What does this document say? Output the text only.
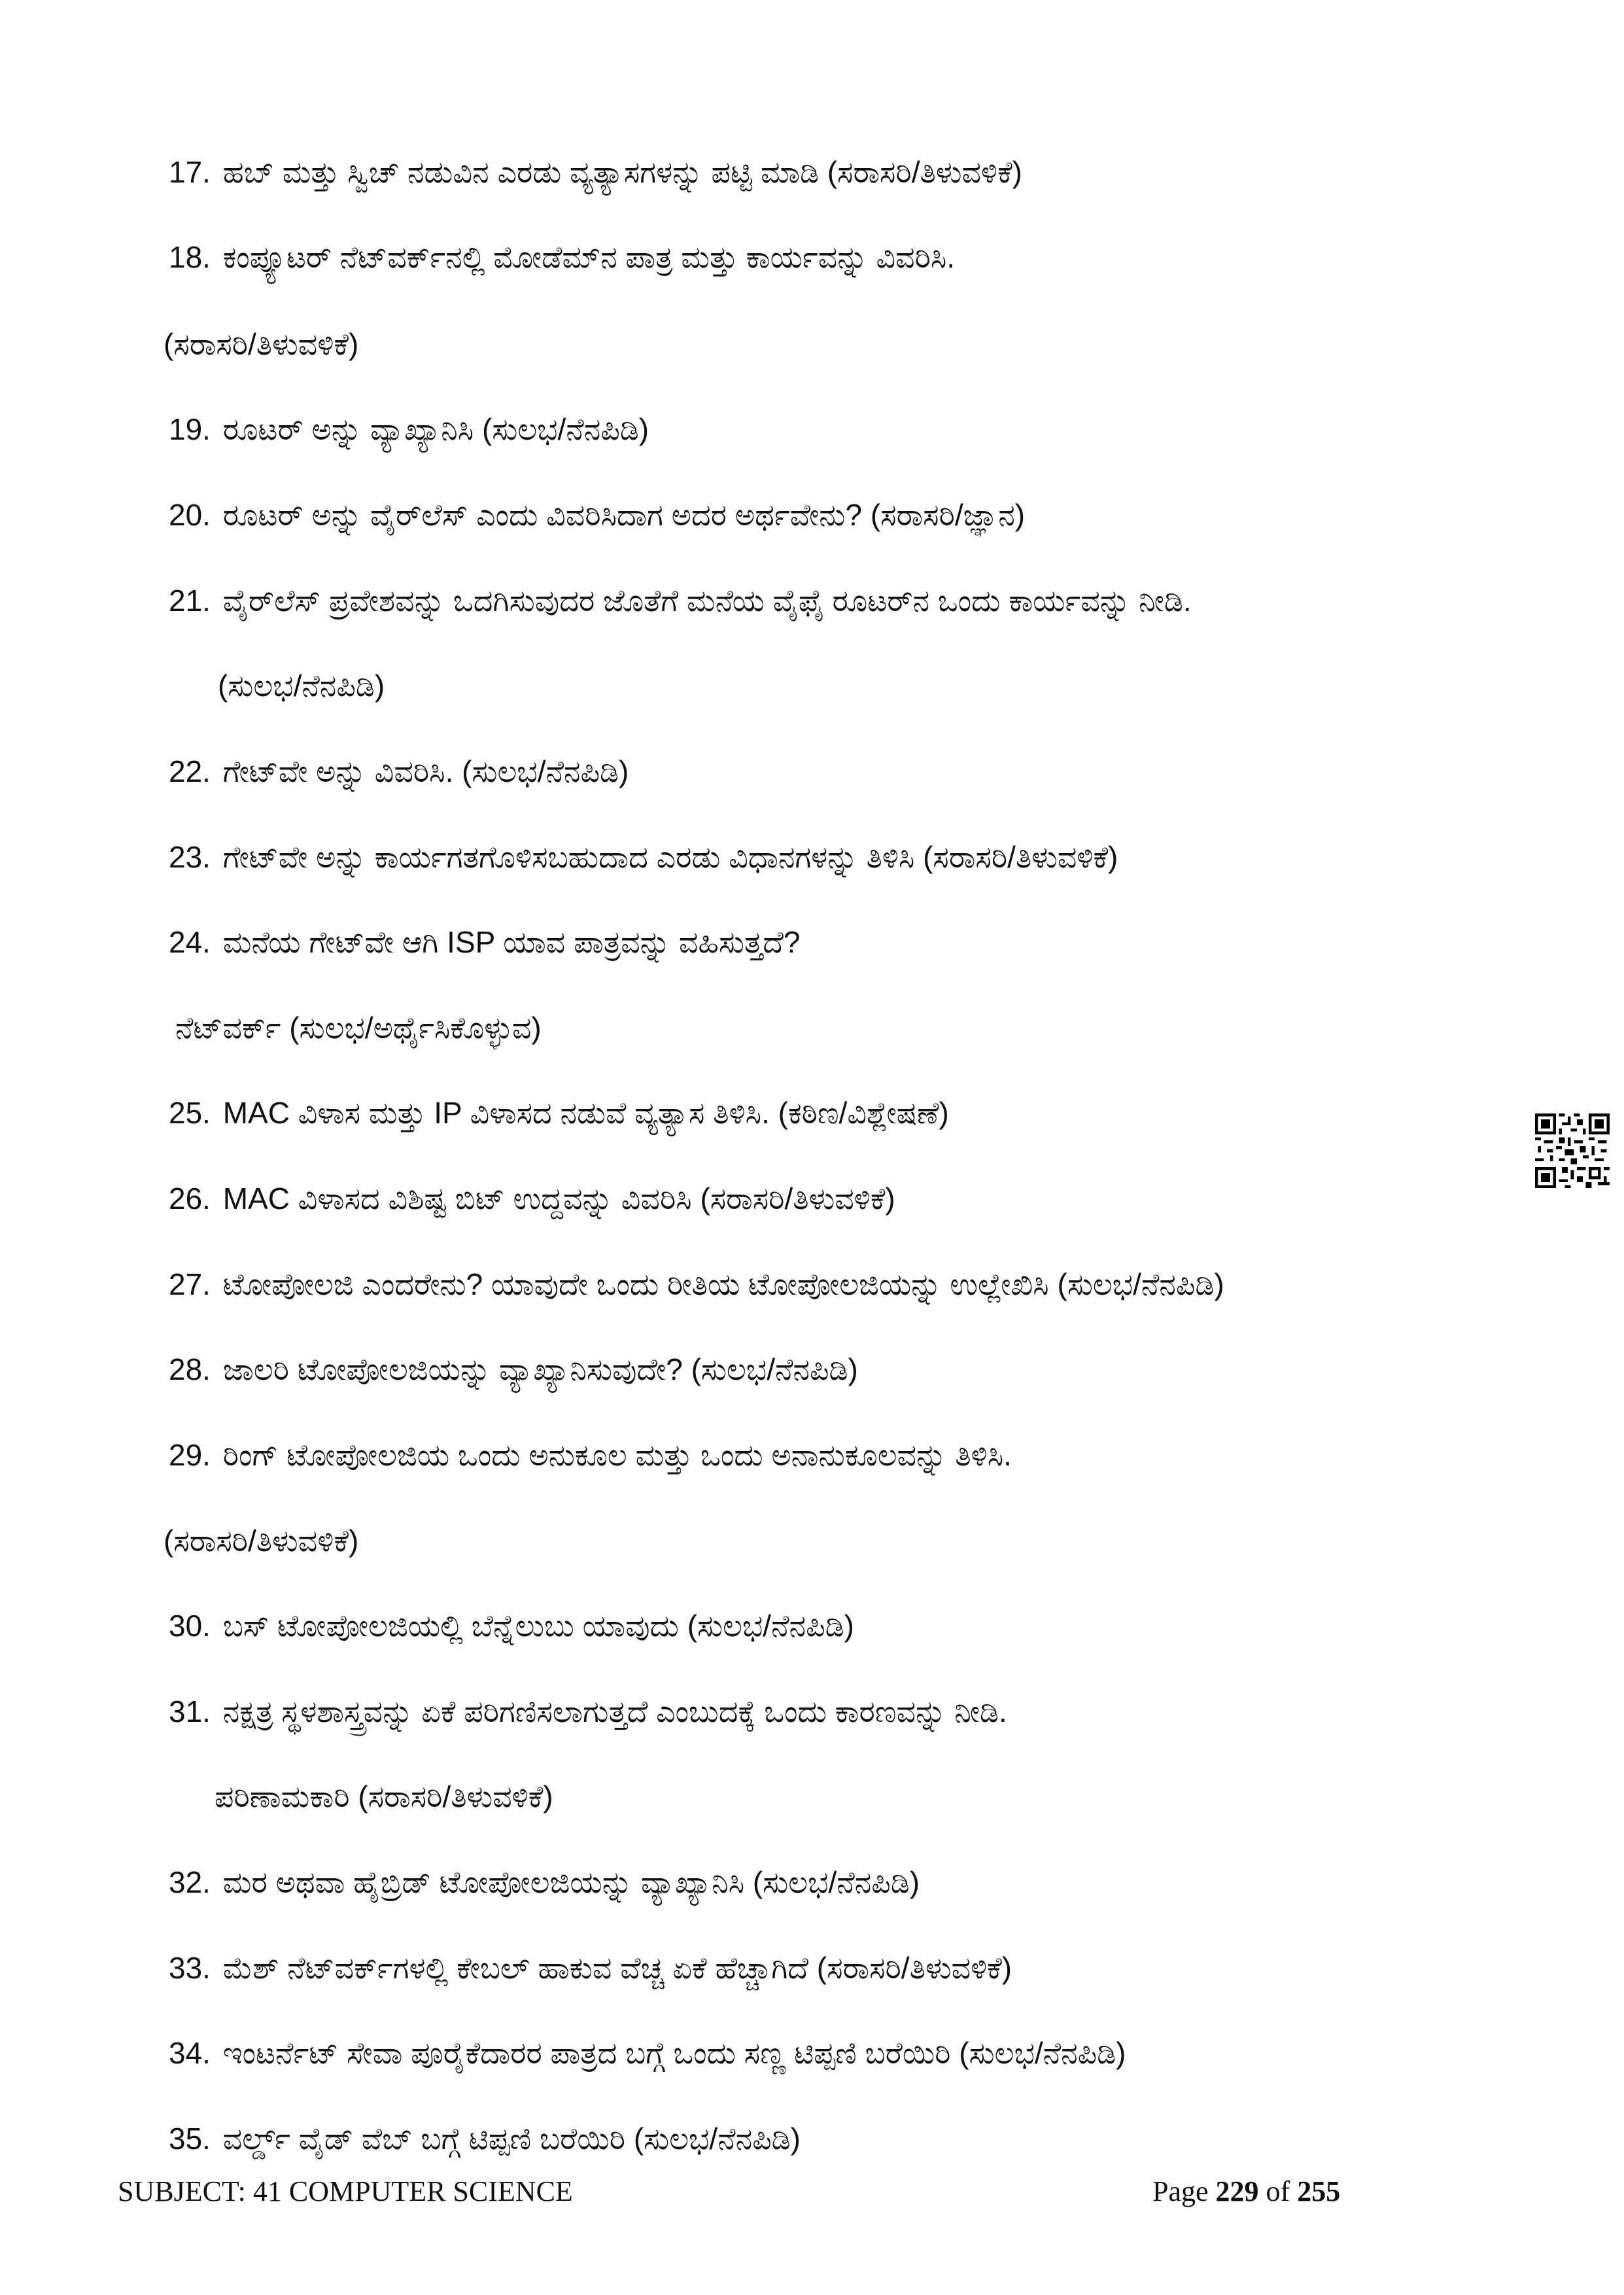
17. ಹಬ್ ಮತ್ತು ಸ್ವಿಚ್ ನಡುವಿನ ಎರಡು ವ್ಯತ್ಯಾಸಗಳನ್ನು ಪಟ್ಟಿ ಮಾಡಿ (ಸರಾಸರಿ/ತಿಳುವಳಿಕೆ)
18. ಕಂಪ್ಯೂಟರ್ ನೆಟ್‌ವರ್ಕ್‌ನಲ್ಲಿ ಮೋಡೆಮ್‌ನ ಪಾತ್ರ ಮತ್ತು ಕಾರ್ಯವನ್ನು ವಿವರಿಸಿ.
(ಸರಾಸರಿ/ತಿಳುವಳಿಕೆ)
19. ರೂಟರ್ ಅನ್ನು ವ್ಯಾಖ್ಯಾನಿಸಿ (ಸುಲಭ/ನೆನಪಿಡಿ)
20. ರೂಟರ್ ಅನ್ನು ವೈರ್‌ಲೆಸ್ ಎಂದು ವಿವರಿಸಿದಾಗ ಅದರ ಅರ್ಥವೇನು? (ಸರಾಸರಿ/ಜ್ಞಾನ)
21. ವೈರ್‌ಲೆಸ್ ಪ್ರವೇಶವನ್ನು ಒದಗಿಸುವುದರ ಜೊತೆಗೆ ಮನೆಯ ವೈಫೈ ರೂಟರ್‌ನ ಒಂದು ಕಾರ್ಯವನ್ನು ನೀಡಿ.
(ಸುಲಭ/ನೆನಪಿಡಿ)
22. ಗೇಟ್‌ವೇ ಅನ್ನು ವಿವರಿಸಿ. (ಸುಲಭ/ನೆನಪಿಡಿ)
23. ಗೇಟ್‌ವೇ ಅನ್ನು ಕಾರ್ಯಗತಗೊಳಿಸಬಹುದಾದ ಎರಡು ವಿಧಾನಗಳನ್ನು ತಿಳಿಸಿ (ಸರಾಸರಿ/ತಿಳುವಳಿಕೆ)
24. ಮನೆಯ ಗೇಟ್‌ವೇ ಆಗಿ ISP ಯಾವ ಪಾತ್ರವನ್ನು ವಹಿಸುತ್ತದೆ?
ನೆಟ್‌ವರ್ಕ್ (ಸುಲಭ/ಅರ್ಥೈಸಿಕೊಳ್ಳುವ)
25. MAC ವಿಳಾಸ ಮತ್ತು IP ವಿಳಾಸದ ನಡುವೆ ವ್ಯತ್ಯಾಸ ತಿಳಿಸಿ. (ಕಠಿಣ/ವಿಶ್ಲೇಷಣೆ)
26. MAC ವಿಳಾಸದ ವಿಶಿಷ್ಟ ಬಿಟ್ ಉದ್ದವನ್ನು ವಿವರಿಸಿ (ಸರಾಸರಿ/ತಿಳುವಳಿಕೆ)
27. ಟೋಪೋಲಜಿ ಎಂದರೇನು? ಯಾವುದೇ ಒಂದು ರೀತಿಯ ಟೋಪೋಲಜಿಯನ್ನು ಉಲ್ಲೇಖಿಸಿ (ಸುಲಭ/ನೆನಪಿಡಿ)
28. ಜಾಲರಿ ಟೋಪೋಲಜಿಯನ್ನು ವ್ಯಾಖ್ಯಾನಿಸುವುದೇ? (ಸುಲಭ/ನೆನಪಿಡಿ)
29. ರಿಂಗ್ ಟೋಪೋಲಜಿಯ ಒಂದು ಅನುಕೂಲ ಮತ್ತು ಒಂದು ಅನಾನುಕೂಲವನ್ನು ತಿಳಿಸಿ.
(ಸರಾಸರಿ/ತಿಳುವಳಿಕೆ)
30. ಬಸ್ ಟೋಪೋಲಜಿಯಲ್ಲಿ ಬೆನ್ನೆಲುಬು ಯಾವುದು (ಸುಲಭ/ನೆನಪಿಡಿ)
31. ನಕ್ಷತ್ರ ಸ್ಥಳಶಾಸ್ತ್ರವನ್ನು ಏಕೆ ಪರಿಗಣಿಸಲಾಗುತ್ತದೆ ಎಂಬುದಕ್ಕೆ ಒಂದು ಕಾರಣವನ್ನು ನೀಡಿ.
ಪರಿಣಾಮಕಾರಿ (ಸರಾಸರಿ/ತಿಳುವಳಿಕೆ)
32. ಮರ ಅಥವಾ ಹೈಬ್ರಿಡ್ ಟೋಪೋಲಜಿಯನ್ನು ವ್ಯಾಖ್ಯಾನಿಸಿ (ಸುಲಭ/ನೆನಪಿಡಿ)
33. ಮೆಶ್ ನೆಟ್‌ವರ್ಕ್‌ಗಳಲ್ಲಿ ಕೇಬಲ್ ಹಾಕುವ ವೆಚ್ಚ ಏಕೆ ಹೆಚ್ಚಾಗಿದೆ (ಸರಾಸರಿ/ತಿಳುವಳಿಕೆ)
34. ಇಂಟರ್ನೆಟ್ ಸೇವಾ ಪೂರೈಕೆದಾರರ ಪಾತ್ರದ ಬಗ್ಗೆ ಒಂದು ಸಣ್ಣ ಟಿಪ್ಪಣಿ ಬರೆಯಿರಿ (ಸುಲಭ/ನೆನಪಿಡಿ)
35. ವರ್ಲ್ಡ್ ವೈಡ್ ವೆಬ್ ಬಗ್ಗೆ ಟಿಪ್ಪಣಿ ಬರೆಯಿರಿ (ಸುಲಭ/ನೆನಪಿಡಿ)
SUBJECT: 41 COMPUTER SCIENCE	Page 229 of 255
